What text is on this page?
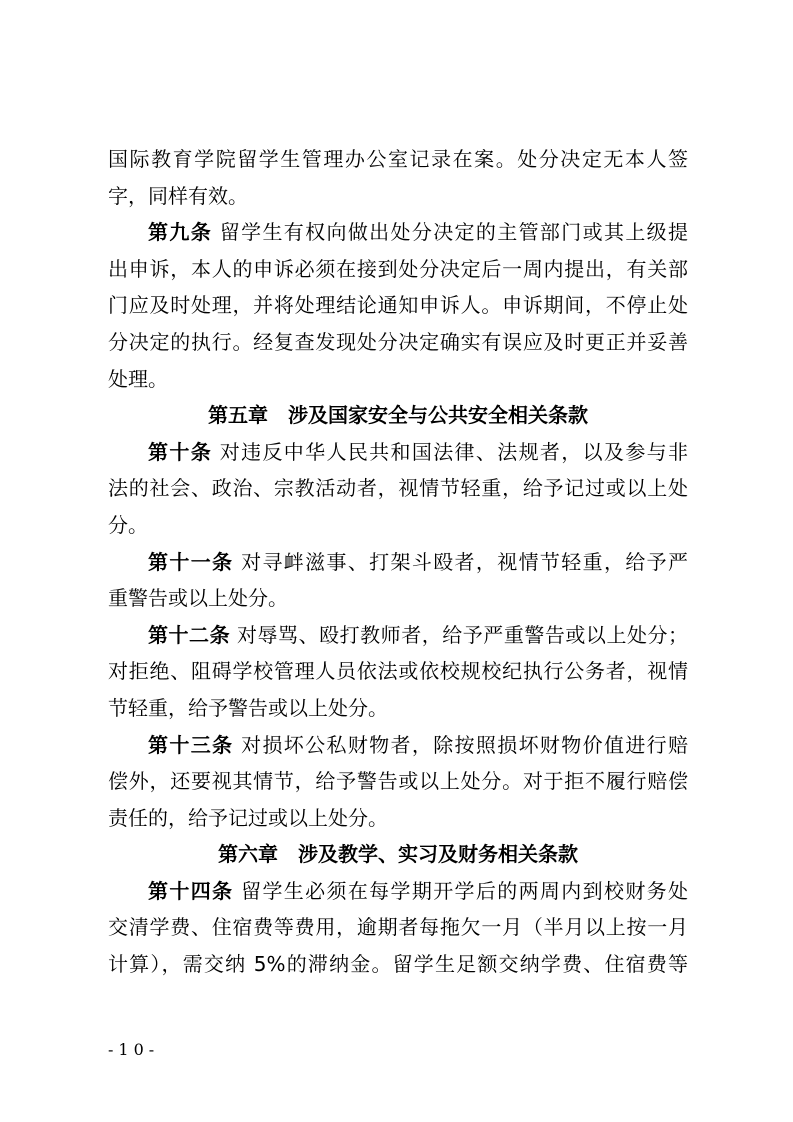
国际教育学院留学生管理办公室记录在案。处分决定无本人签
字，同样有效。
第九条 留学生有权向做出处分决定的主管部门或其上级提
出申诉，本人的申诉必须在接到处分决定后一周内提出，有关部
门应及时处理，并将处理结论通知申诉人。申诉期间，不停止处
分决定的执行。经复查发现处分决定确实有误应及时更正并妥善
处理。
第五章　涉及国家安全与公共安全相关条款
第十条 对违反中华人民共和国法律、法规者，以及参与非
法的社会、政治、宗教活动者，视情节轻重，给予记过或以上处
分。
第十一条 对寻衅滋事、打架斗殴者，视情节轻重，给予严
重警告或以上处分。
第十二条 对辱骂、殴打教师者，给予严重警告或以上处分；
对拒绝、阻碍学校管理人员依法或依校规校纪执行公务者，视情
节轻重，给予警告或以上处分。
第十三条 对损坏公私财物者，除按照损坏财物价值进行赔
偿外，还要视其情节，给予警告或以上处分。对于拒不履行赔偿
责任的，给予记过或以上处分。
第六章　涉及教学、实习及财务相关条款
第十四条 留学生必须在每学期开学后的两周内到校财务处
交清学费、住宿费等费用，逾期者每拖欠一月（半月以上按一月
计算），需交纳 5%的滞纳金。留学生足额交纳学费、住宿费等
-10-
